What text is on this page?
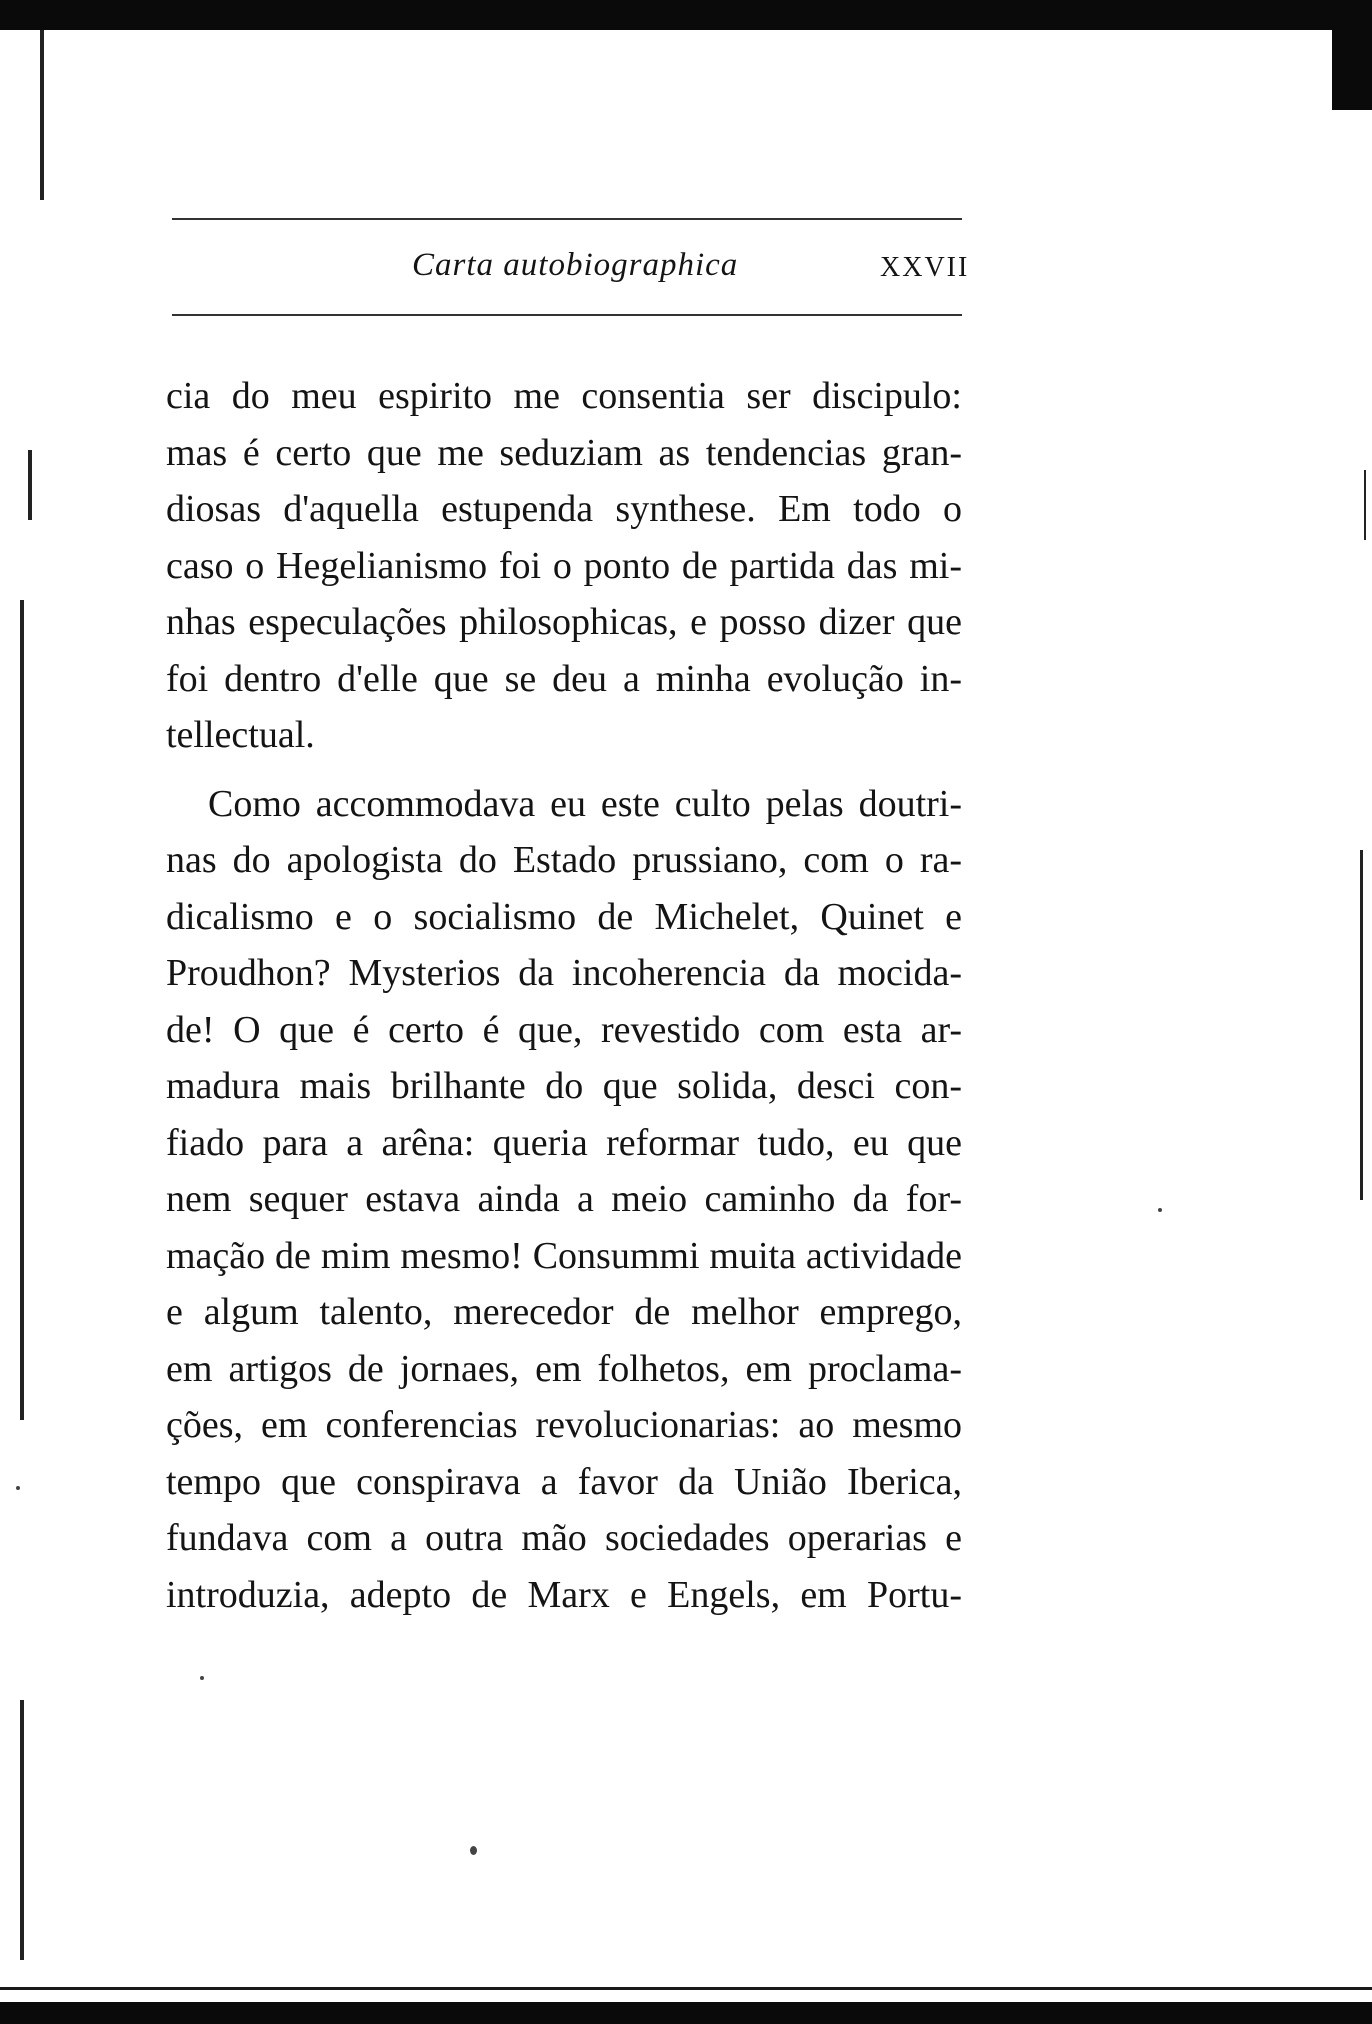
Carta autobiographica	XXVII
cia do meu espirito me consentia ser discipulo:
mas é certo que me seduziam as tendencias gran-
diosas d'aquella estupenda synthese. Em todo o
caso o Hegelianismo foi o ponto de partida das mi-
nhas especulações philosophicas, e posso dizer que
foi dentro d'elle que se deu a minha evolução in-
tellectual.
Como accommodava eu este culto pelas doutri-
nas do apologista do Estado prussiano, com o ra-
dicalismo e o socialismo de Michelet, Quinet e
Proudhon? Mysterios da incoherencia da mocida-
de! O que é certo é que, revestido com esta ar-
madura mais brilhante do que solida, desci con-
fiado para a arêna: queria reformar tudo, eu que
nem sequer estava ainda a meio caminho da for-
mação de mim mesmo! Consummi muita actividade
e algum talento, merecedor de melhor emprego,
em artigos de jornaes, em folhetos, em proclama-
ções, em conferencias revolucionarias: ao mesmo
tempo que conspirava a favor da União Iberica,
fundava com a outra mão sociedades operarias e
introduzia, adepto de Marx e Engels, em Portu-
